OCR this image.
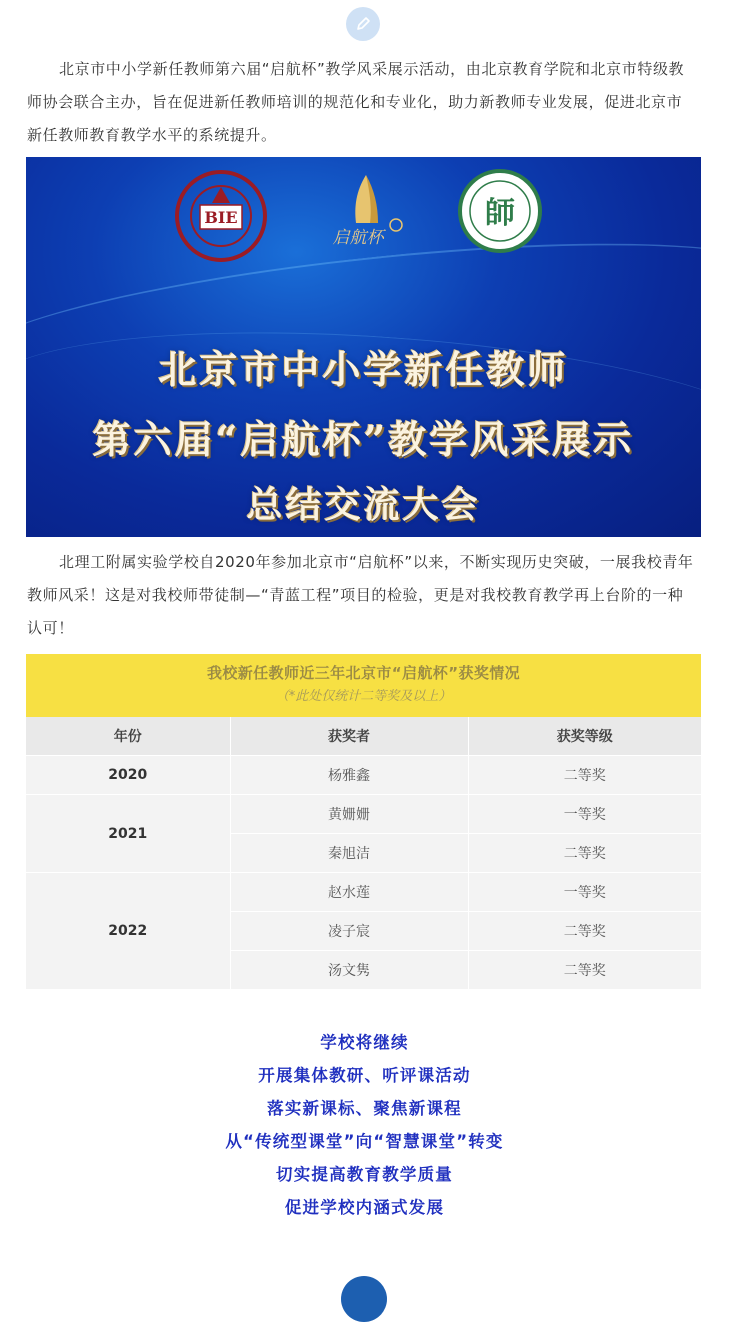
北京市中小学新任教师第六届“启航杯”教学风采展示活动，由北京教育学院和北京市特级教师协会联合主办，旨在促进新任教师培训的规范化和专业化，助力新教师专业发展，促进北京市新任教师教育教学水平的系统提升。

BIE
启航杯
師
北京市中小学新任教师
第六届“启航杯”教学风采展示
总结交流大会

北理工附属实验学校自2020年参加北京市“启航杯”以来，不断实现历史突破，一展我校青年教师风采！这是对我校师带徒制—“青蓝工程”项目的检验，更是对我校教育教学再上台阶的一种认可！

我校新任教师近三年北京市“启航杯”获奖情况
（*此处仅统计二等奖及以上）
年份	获奖者	获奖等级
2020	杨雅鑫	二等奖
2021	黄姗姗	一等奖
	秦旭洁	二等奖
2022	赵水莲	一等奖
	凌子宸	二等奖
	汤文隽	二等奖
学校将继续
开展集体教研、听评课活动
落实新课标、聚焦新课程
从“传统型课堂”向“智慧课堂”转变
切实提高教育教学质量
促进学校内涵式发展
